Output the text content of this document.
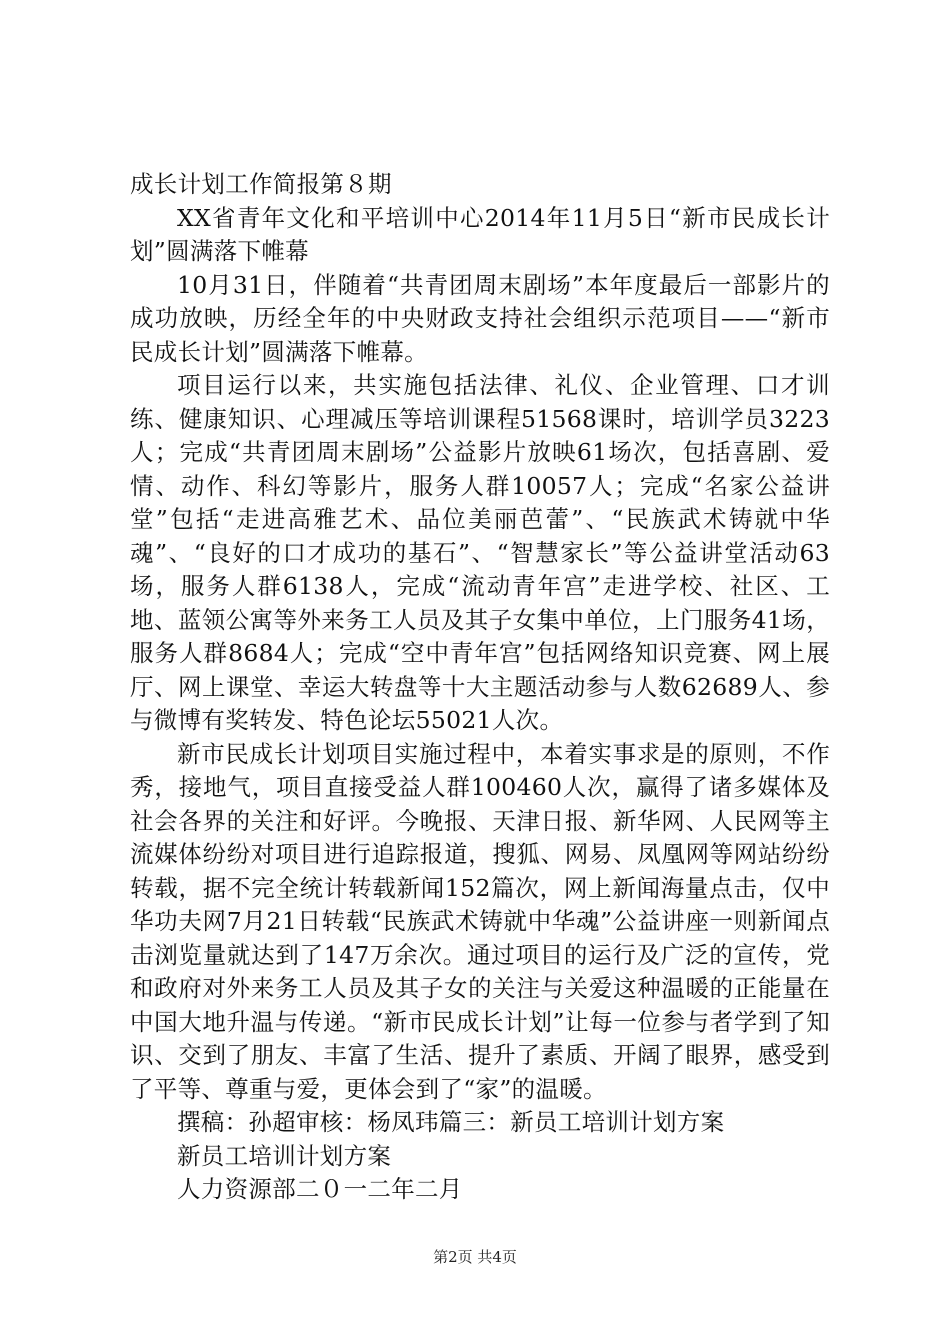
成长计划工作简报第８期

XX省青年文化和平培训中心2014年11月5日“新市民成长计划”圆满落下帷幕

10月31日，伴随着“共青团周末剧场”本年度最后一部影片的成功放映，历经全年的中央财政支持社会组织示范项目——“新市民成长计划”圆满落下帷幕。

项目运行以来，共实施包括法律、礼仪、企业管理、口才训练、健康知识、心理减压等培训课程51568课时，培训学员3223人；完成“共青团周末剧场”公益影片放映61场次，包括喜剧、爱情、动作、科幻等影片，服务人群10057人；完成“名家公益讲堂”包括“走进高雅艺术、品位美丽芭蕾”、“民族武术铸就中华魂”、“良好的口才成功的基石”、“智慧家长”等公益讲堂活动63场，服务人群6138人，完成“流动青年宫”走进学校、社区、工地、蓝领公寓等外来务工人员及其子女集中单位，上门服务41场，服务人群8684人；完成“空中青年宫”包括网络知识竞赛、网上展厅、网上课堂、幸运大转盘等十大主题活动参与人数62689人、参与微博有奖转发、特色论坛55021人次。

新市民成长计划项目实施过程中，本着实事求是的原则，不作秀，接地气，项目直接受益人群100460人次，赢得了诸多媒体及社会各界的关注和好评。今晚报、天津日报、新华网、人民网等主流媒体纷纷对项目进行追踪报道，搜狐、网易、凤凰网等网站纷纷转载，据不完全统计转载新闻152篇次，网上新闻海量点击，仅中华功夫网7月21日转载“民族武术铸就中华魂”公益讲座一则新闻点击浏览量就达到了147万余次。通过项目的运行及广泛的宣传，党和政府对外来务工人员及其子女的关注与关爱这种温暖的正能量在中国大地升温与传递。“新市民成长计划”让每一位参与者学到了知识、交到了朋友、丰富了生活、提升了素质、开阔了眼界，感受到了平等、尊重与爱，更体会到了“家”的温暖。

撰稿：孙超审核：杨凤玮篇三：新员工培训计划方案

新员工培训计划方案

人力资源部二０一二年二月

第2页 共4页
